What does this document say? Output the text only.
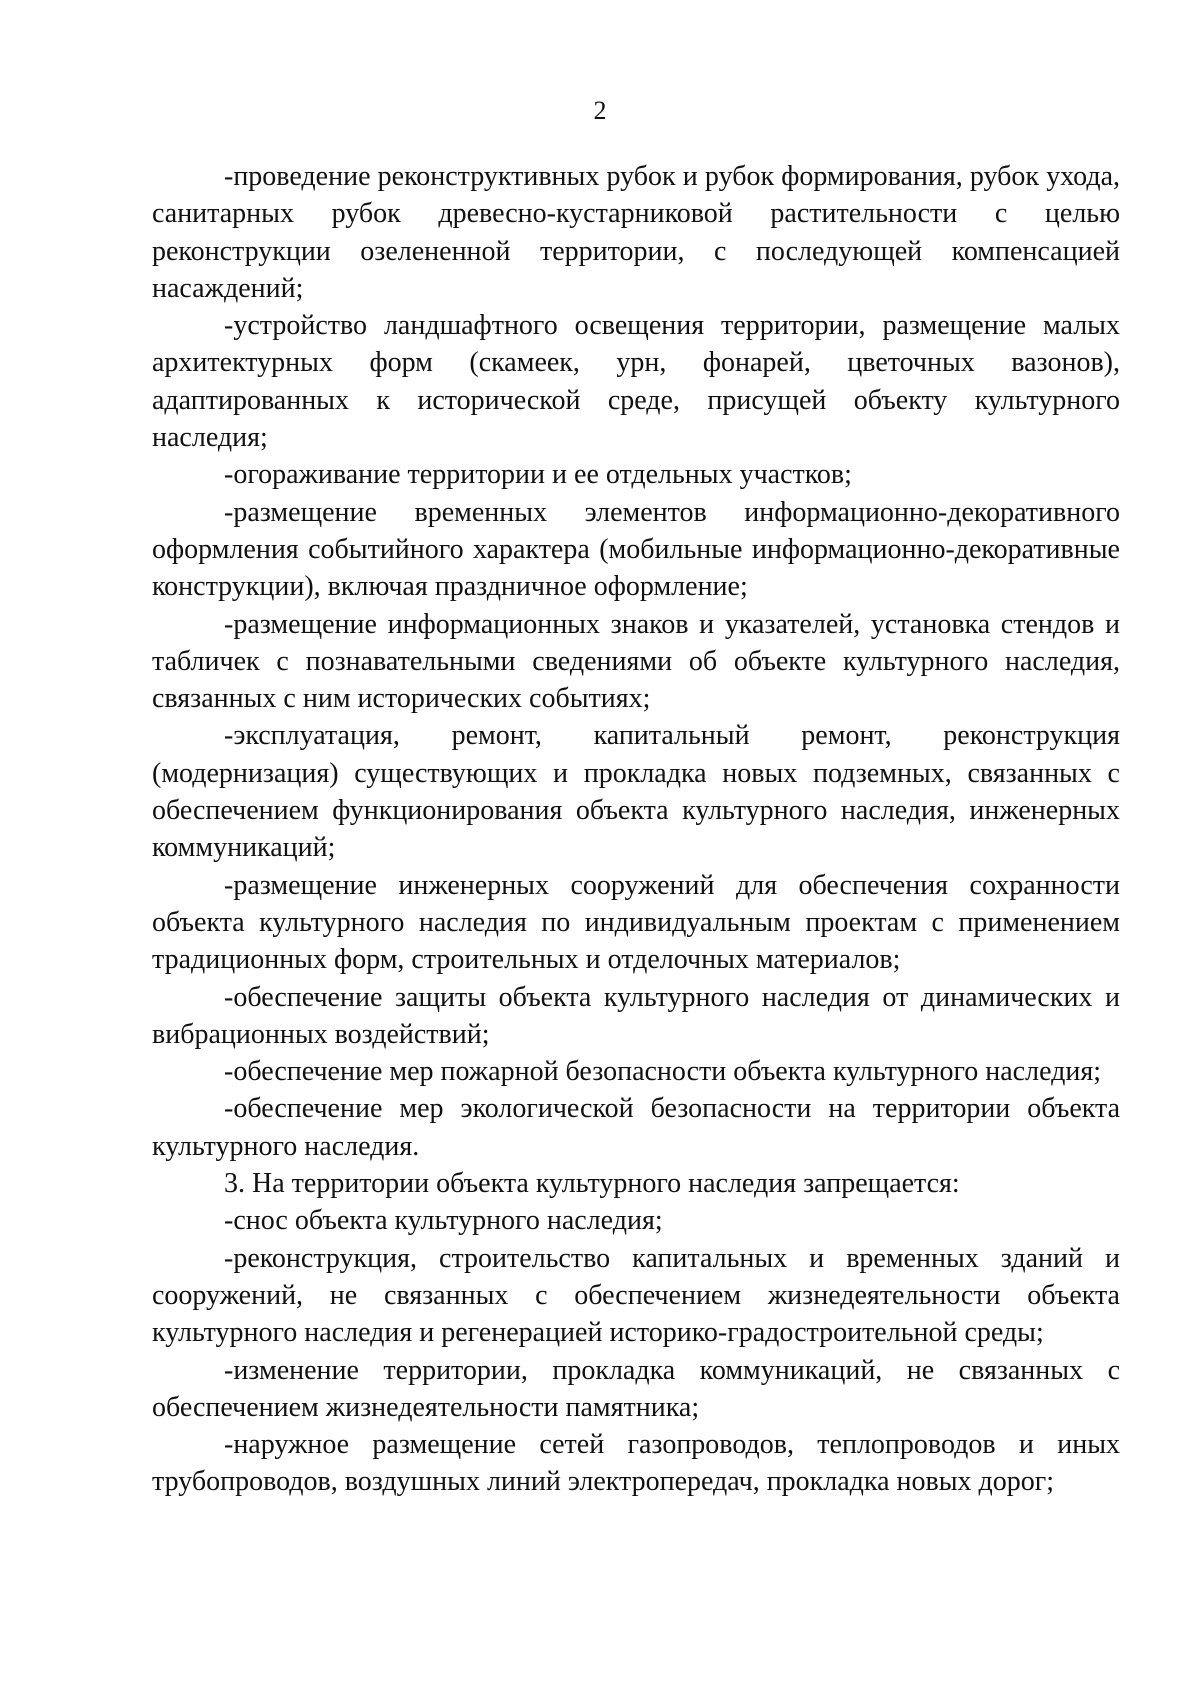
2

-проведение реконструктивных рубок и рубок формирования, рубок ухода, санитарных рубок древесно-кустарниковой растительности с целью реконструкции озелененной территории, с последующей компенсацией насаждений;

-устройство ландшафтного освещения территории, размещение малых архитектурных форм (скамеек, урн, фонарей, цветочных вазонов), адаптированных к исторической среде, присущей объекту культурного наследия;

-огораживание территории и ее отдельных участков;

-размещение временных элементов информационно-декоративного оформления событийного характера (мобильные информационно-декоративные конструкции), включая праздничное оформление;

-размещение информационных знаков и указателей, установка стендов и табличек с познавательными сведениями об объекте культурного наследия, связанных с ним исторических событиях;

-эксплуатация, ремонт, капитальный ремонт, реконструкция (модернизация) существующих и прокладка новых подземных, связанных с обеспечением функционирования объекта культурного наследия, инженерных коммуникаций;

-размещение инженерных сооружений для обеспечения сохранности объекта культурного наследия по индивидуальным проектам с применением традиционных форм, строительных и отделочных материалов;

-обеспечение защиты объекта культурного наследия от динамических и вибрационных воздействий;

-обеспечение мер пожарной безопасности объекта культурного наследия;

-обеспечение мер экологической безопасности на территории объекта культурного наследия.

3. На территории объекта культурного наследия запрещается:

-снос объекта культурного наследия;

-реконструкция, строительство капитальных и временных зданий и сооружений, не связанных с обеспечением жизнедеятельности объекта культурного наследия и регенерацией историко-градостроительной среды;

-изменение территории, прокладка коммуникаций, не связанных с обеспечением жизнедеятельности памятника;

-наружное размещение сетей газопроводов, теплопроводов и иных трубопроводов, воздушных линий электропередач, прокладка новых дорог;
